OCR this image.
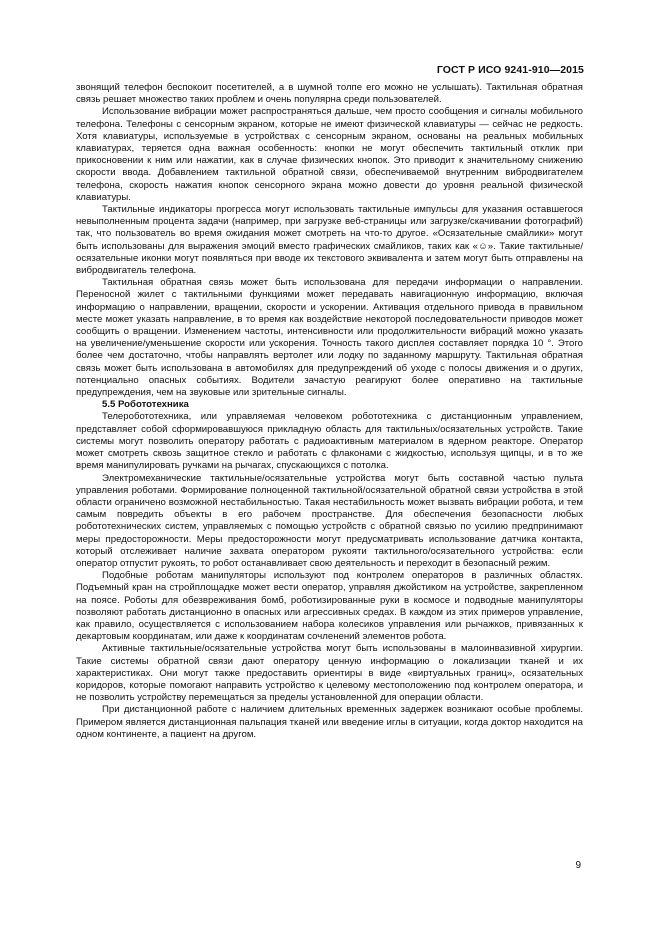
ГОСТ Р ИСО 9241-910—2015

звонящий телефон беспокоит посетителей, а в шумной толпе его можно не услышать). Тактильная обратная связь решает множество таких проблем и очень популярна среди пользователей.

Использование вибрации может распространяться дальше, чем просто сообщения и сигналы мобильного телефона. Телефоны с сенсорным экраном, которые не имеют физической клавиатуры — сейчас не редкость. Хотя клавиатуры, используемые в устройствах с сенсорным экраном, основаны на реальных мобильных клавиатурах, теряется одна важная особенность: кнопки не могут обеспечить тактильный отклик при прикосновении к ним или нажатии, как в случае физических кнопок. Это приводит к значительному снижению скорости ввода. Добавлением тактильной обратной связи, обеспечиваемой внутренним вибродвигателем телефона, скорость нажатия кнопок сенсорного экрана можно довести до уровня реальной физической клавиатуры.

Тактильные индикаторы прогресса могут использовать тактильные импульсы для указания оставшегося невыполненным процента задачи (например, при загрузке веб-страницы или загрузке/скачивании фотографий) так, что пользователь во время ожидания может смотреть на что-то другое. «Осязательные смайлики» могут быть использованы для выражения эмоций вместо графических смайликов, таких как «☺». Такие тактильные/осязательные иконки могут появляться при вводе их текстового эквивалента и затем могут быть отправлены на вибродвигатель телефона.

Тактильная обратная связь может быть использована для передачи информации о направлении. Переносной жилет с тактильными функциями может передавать навигационную информацию, включая информацию о направлении, вращении, скорости и ускорении. Активация отдельного привода в правильном месте может указать направление, в то время как воздействие некоторой последовательности приводов может сообщить о вращении. Изменением частоты, интенсивности или продолжительности вибраций можно указать на увеличение/уменьшение скорости или ускорения. Точность такого дисплея составляет порядка 10 °. Этого более чем достаточно, чтобы направлять вертолет или лодку по заданному маршруту. Тактильная обратная связь может быть использована в автомобилях для предупреждений об уходе с полосы движения и о других, потенциально опасных событиях. Водители зачастую реагируют более оперативно на тактильные предупреждения, чем на звуковые или зрительные сигналы.

5.5 Робототехника

Телеробототехника, или управляемая человеком робототехника с дистанционным управлением, представляет собой сформировавшуюся прикладную область для тактильных/осязательных устройств. Такие системы могут позволить оператору работать с радиоактивным материалом в ядерном реакторе. Оператор может смотреть сквозь защитное стекло и работать с флаконами с жидкостью, используя щипцы, и в то же время манипулировать ручками на рычагах, спускающихся с потолка.

Электромеханические тактильные/осязательные устройства могут быть составной частью пульта управления роботами. Формирование полноценной тактильной/осязательной обратной связи устройства в этой области ограничено возможной нестабильностью. Такая нестабильность может вызвать вибрации робота, и тем самым повредить объекты в его рабочем пространстве. Для обеспечения безопасности любых робототехнических систем, управляемых с помощью устройств с обратной связью по усилию предпринимают меры предосторожности. Меры предосторожности могут предусматривать использование датчика контакта, который отслеживает наличие захвата оператором рукояти тактильного/осязательного устройства: если оператор отпустит рукоять, то робот останавливает свою деятельность и переходит в безопасный режим.

Подобные роботам манипуляторы используют под контролем операторов в различных областях. Подъемный кран на стройплощадке может вести оператор, управляя джойстиком на устройстве, закрепленном на поясе. Роботы для обезвреживания бомб, роботизированные руки в космосе и подводные манипуляторы позволяют работать дистанционно в опасных или агрессивных средах. В каждом из этих примеров управление, как правило, осуществляется с использованием набора колесиков управления или рычажков, привязанных к декартовым координатам, или даже к координатам сочленений элементов робота.

Активные тактильные/осязательные устройства могут быть использованы в малоинвазивной хирургии. Такие системы обратной связи дают оператору ценную информацию о локализации тканей и их характеристиках. Они могут также предоставить ориентиры в виде «виртуальных границ», осязательных коридоров, которые помогают направить устройство к целевому местоположению под контролем оператора, и не позволить устройству перемещаться за пределы установленной для операции области.

При дистанционной работе с наличием длительных временных задержек возникают особые проблемы. Примером является дистанционная пальпация тканей или введение иглы в ситуации, когда доктор находится на одном континенте, а пациент на другом.

9
